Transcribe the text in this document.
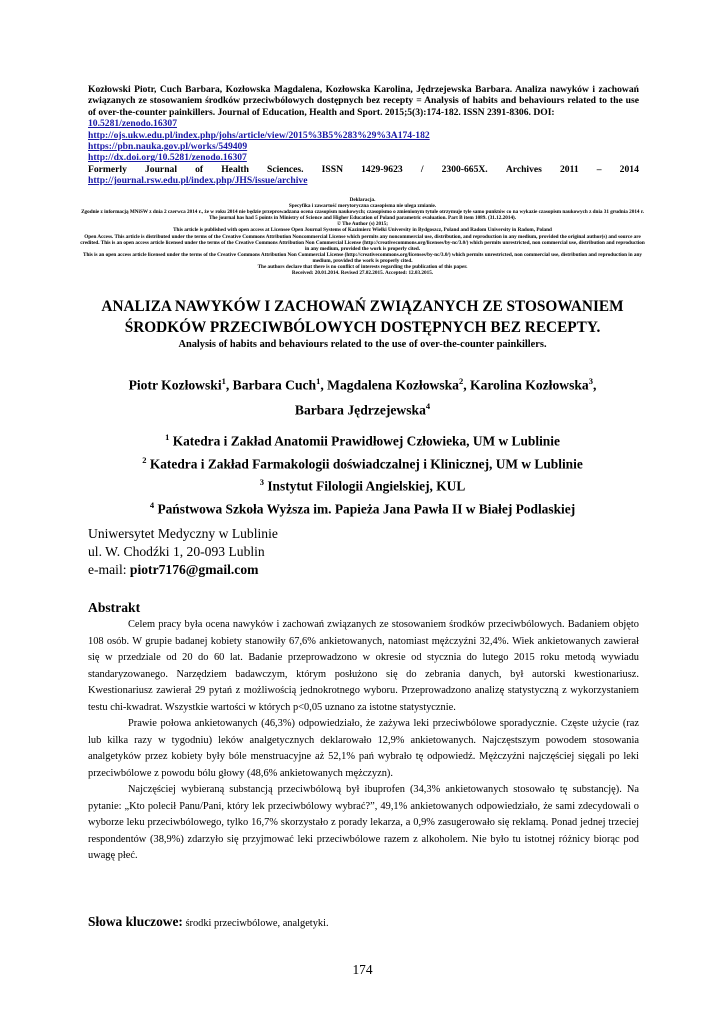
Kozłowski Piotr, Cuch Barbara, Kozłowska Magdalena, Kozłowska Karolina, Jędrzejewska Barbara. Analiza nawyków i zachowań związanych ze stosowaniem środków przeciwbólowych dostępnych bez recepty = Analysis of habits and behaviours related to the use of over-the-counter painkillers. Journal of Education, Health and Sport. 2015;5(3):174-182. ISSN 2391-8306. DOI:
10.5281/zenodo.16307
http://ojs.ukw.edu.pl/index.php/johs/article/view/2015%3B5%283%29%3A174-182
https://pbn.nauka.gov.pl/works/549409
http://dx.doi.org/10.5281/zenodo.16307
Formerly Journal of Health Sciences. ISSN 1429-9623 / 2300-665X. Archives 2011 – 2014
http://journal.rsw.edu.pl/index.php/JHS/issue/archive
Deklaracja.
Specyfika i zawartość merytoryczna czasopisma nie ulega zmianie.
Zgodnie z informacją MNiSW z dnia 2 czerwca 2014 r., że w roku 2014 nie będzie przeprowadzana ocena czasopism naukowych; czasopismo o zmienionym tytule otrzymuje tyle samo punktów co na wykazie czasopism naukowych z dnia 31 grudnia 2014 r.
The journal has had 5 points in Ministry of Science and Higher Education of Poland parametric evaluation. Part B item 1089. (31.12.2014).
© The Author (s) 2015;
This article is published with open access at Licensee Open Journal Systems of Kazimierz Wielki University in Bydgoszcz, Poland and Radom University in Radom, Poland
Open Access. This article is distributed under the terms of the Creative Commons Attribution Noncommercial License which permits any noncommercial use, distribution, and reproduction in any medium, provided the original author(s) and source are credited. This is an open access article licensed under the terms of the Creative Commons Attribution Non Commercial License (http://creativecommons.org/licenses/by-nc/3.0/) which permits unrestricted, non commercial use, distribution and reproduction in any medium, provided the work is properly cited.
This is an open access article licensed under the terms of the Creative Commons Attribution Non Commercial License (http://creativecommons.org/licenses/by-nc/3.0/) which permits unrestricted, non commercial use, distribution and reproduction in any medium, provided the work is properly cited.
The authors declare that there is no conflict of interests regarding the publication of this paper.
Received: 20.01.2014. Revised 27.02.2015. Accepted: 12.03.2015.
ANALIZA NAWYKÓW I ZACHOWAŃ ZWIĄZANYCH ZE STOSOWANIEM
ŚRODKÓW PRZECIWBÓLOWYCH DOSTĘPNYCH BEZ RECEPTY.
Analysis of habits and behaviours related to the use of over-the-counter painkillers.
Piotr Kozłowski$^1$, Barbara Cuch$^1$, Magdalena Kozłowska$^2$, Karolina Kozłowska$^3$,
Barbara Jędrzejewska$^4$
$^1$ Katedra i Zakład Anatomii Prawidłowej Człowieka, UM w Lublinie
$^2$ Katedra i Zakład Farmakologii doświadczalnej i Klinicznej, UM w Lublinie
$^3$ Instytut Filologii Angielskiej, KUL
$^4$ Państwowa Szkoła Wyższa im. Papieża Jana Pawła II w Białej Podlaskiej
Uniwersytet Medyczny w Lublinie
ul. W. Chodźki 1, 20-093 Lublin
e-mail: piotr7176@gmail.com
Abstrakt

Celem pracy była ocena nawyków i zachowań związanych ze stosowaniem środków przeciwbólowych. Badaniem objęto 108 osób. W grupie badanej kobiety stanowiły 67,6% ankietowanych, natomiast mężczyźni 32,4%. Wiek ankietowanych zawierał się w przedziale od 20 do 60 lat. Badanie przeprowadzono w okresie od stycznia do lutego 2015 roku metodą wywiadu standaryzowanego. Narzędziem badawczym, którym posłużono się do zebrania danych, był autorski kwestionariusz. Kwestionariusz zawierał 29 pytań z możliwością jednokrotnego wyboru. Przeprowadzono analizę statystyczną z wykorzystaniem testu chi-kwadrat. Wszystkie wartości w których p<0,05 uznano za istotne statystycznie.

Prawie połowa ankietowanych (46,3%) odpowiedziało, że zażywa leki przeciwbólowe sporadycznie. Częste użycie (raz lub kilka razy w tygodniu) leków analgetycznych deklarowało 12,9% ankietowanych. Najczęstszym powodem stosowania analgetyków przez kobiety były bóle menstruacyjne aż 52,1% pań wybrało tę odpowiedź. Mężczyźni najczęściej sięgali po leki przeciwbólowe z powodu bólu głowy (48,6% ankietowanych mężczyzn).

Najczęściej wybieraną substancją przeciwbólową był ibuprofen (34,3% ankietowanych stosowało tę substancję). Na pytanie: „Kto polecił Panu/Pani, który lek przeciwbólowy wybrać?”, 49,1% ankietowanych odpowiedziało, że sami zdecydowali o wyborze leku przeciwbólowego, tylko 16,7% skorzystało z porady lekarza, a 0,9% zasugerowało się reklamą. Ponad jednej trzeciej respondentów (38,9%) zdarzyło się przyjmować leki przeciwbólowe razem z alkoholem. Nie było tu istotnej różnicy biorąc pod uwagę płeć.

Słowa kluczowe: środki przeciwbólowe, analgetyki.
174
